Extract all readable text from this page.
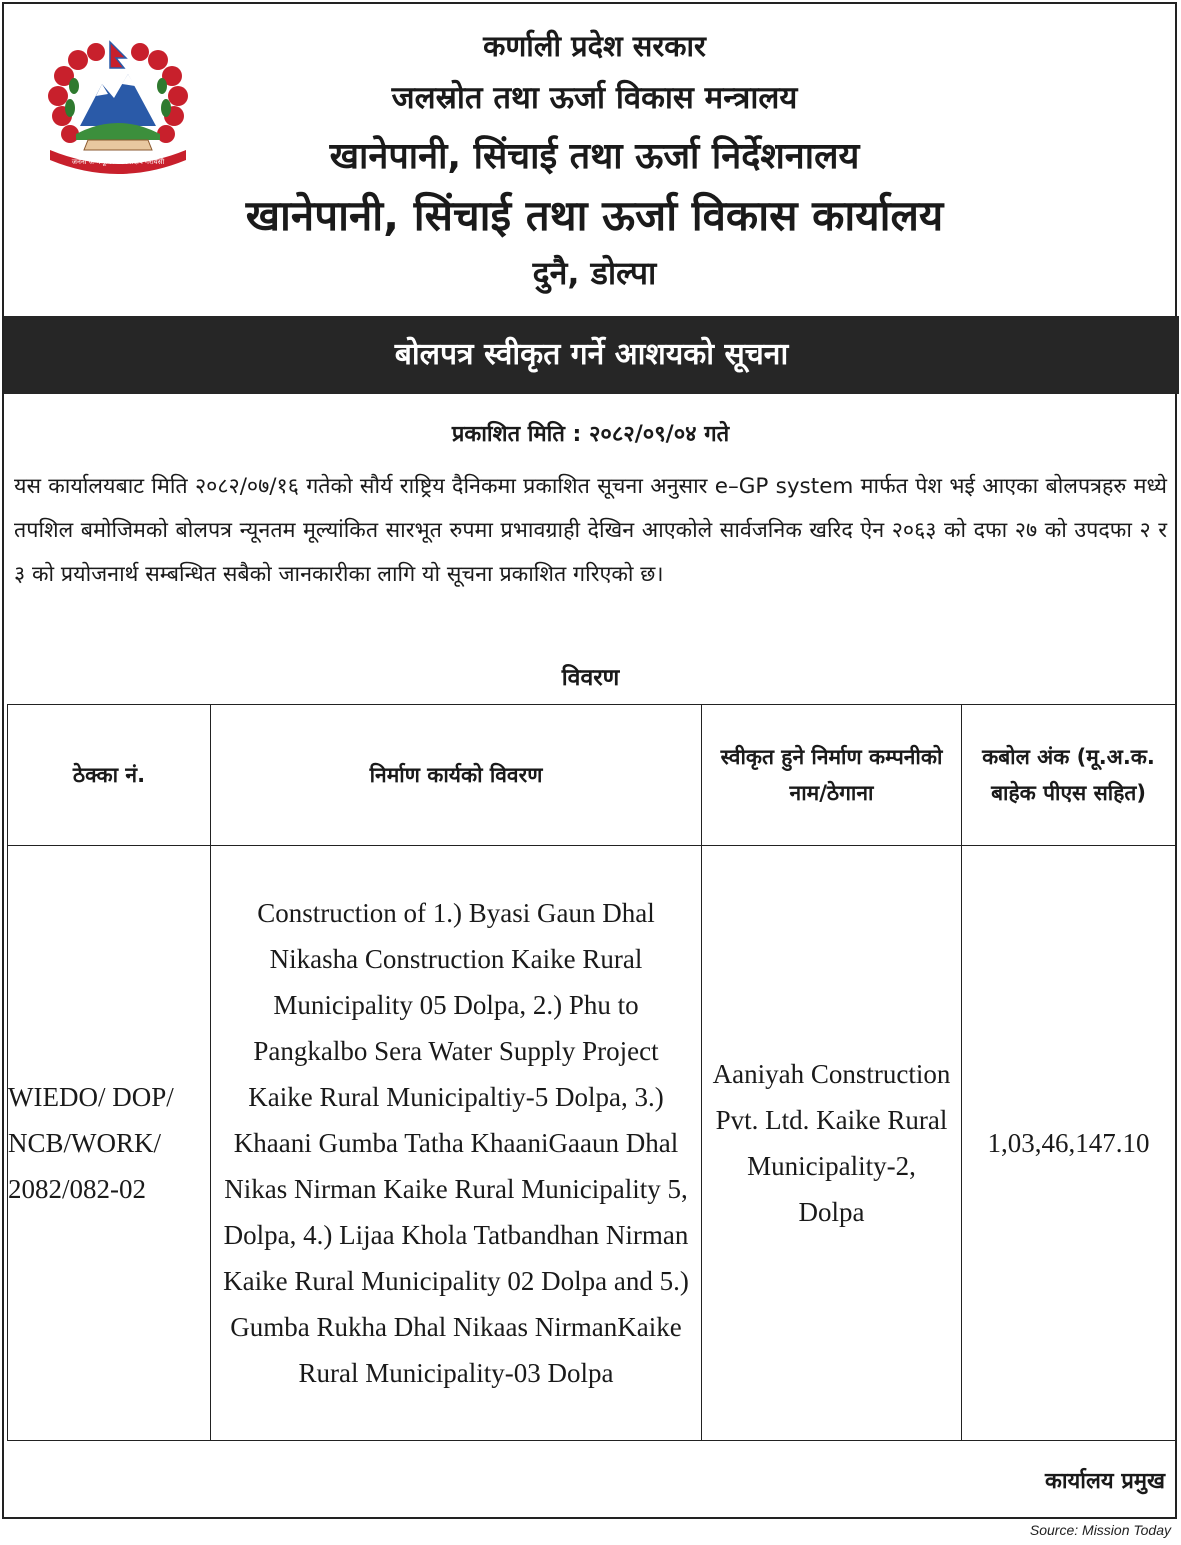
जननी जन्मभूमिश्च स्वर्गादपि गरीयसी
कर्णाली प्रदेश सरकार
जलस्रोत तथा ऊर्जा विकास मन्त्रालय
खानेपानी, सिंचाई तथा ऊर्जा निर्देशनालय
खानेपानी, सिंचाई तथा ऊर्जा विकास कार्यालय
दुनै, डोल्पा
बोलपत्र स्वीकृत गर्ने आशयको सूचना
प्रकाशित मिति : २०८२/०९/०४ गते
यस कार्यालयबाट मिति २०८२/०७/१६ गतेको सौर्य राष्ट्रिय दैनिकमा प्रकाशित सूचना अनुसार e–GP system मार्फत पेश भई आएका बोलपत्रहरु मध्ये तपशिल बमोजिमको बोलपत्र न्यूनतम मूल्यांकित सारभूत रुपमा प्रभावग्राही देखिन आएकोले सार्वजनिक खरिद ऐन २०६३ को दफा २७ को उपदफा २ र ३ को प्रयोजनार्थ सम्बन्धित सबैको जानकारीका लागि यो सूचना प्रकाशित गरिएको छ।
विवरण
ठेक्का नं.	निर्माण कार्यको विवरण	स्वीकृत हुने निर्माण कम्पनीको नाम/ठेगाना	कबोल अंक (मू.अ.क. बाहेक पीएस सहित)

WIEDO/ DOP/ NCB/WORK/ 2082/082-02	Construction of 1.) Byasi Gaun Dhal Nikasha Construction Kaike Rural Municipality 05 Dolpa, 2.) Phu to Pangkalbo Sera Water Supply Project Kaike Rural Municipaltiy-5 Dolpa, 3.) Khaani Gumba Tatha KhaaniGaaun Dhal Nikas Nirman Kaike Rural Municipality 5, Dolpa, 4.) Lijaa Khola Tatbandhan Nirman Kaike Rural Municipality 02 Dolpa and 5.) Gumba Rukha Dhal Nikaas NirmanKaike Rural Municipality-03 Dolpa	Aaniyah Construction Pvt. Ltd. Kaike Rural Municipality-2, Dolpa	1,03,46,147.10
कार्यालय प्रमुख
Source: Mission Today
